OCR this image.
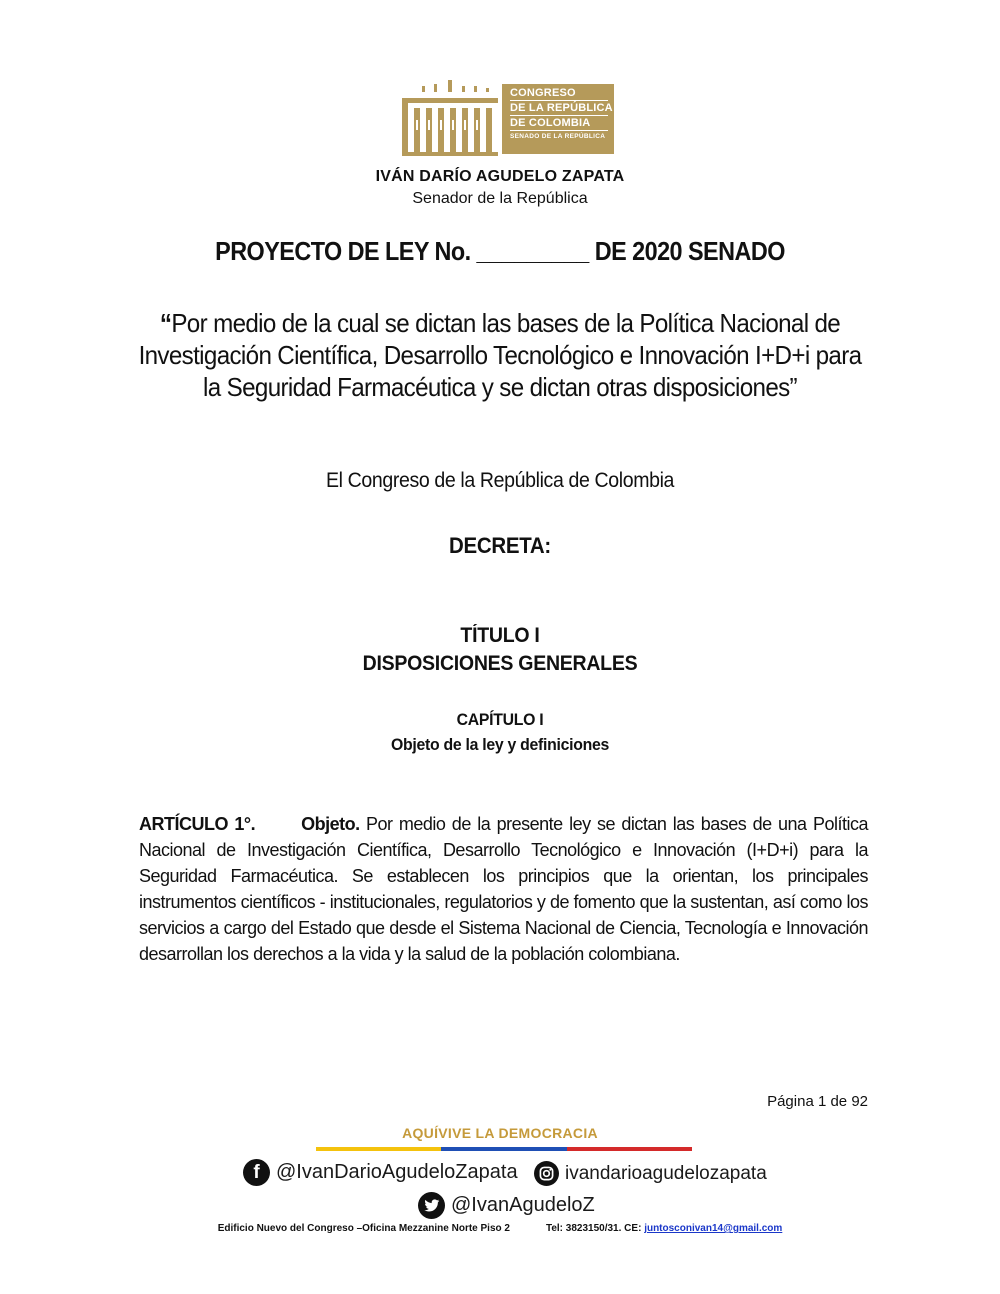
CONGRESO
DE LA REPÚBLICA
DE COLOMBIA
SENADO DE LA REPÚBLICA
IVÁN DARÍO AGUDELO ZAPATA
Senador de la República
PROYECTO DE LEY No. _________ DE 2020 SENADO
“Por medio de la cual se dictan las bases de la Política Nacional de Investigación Científica, Desarrollo Tecnológico e Innovación I+D+i para la Seguridad Farmacéutica y se dictan otras disposiciones”
El Congreso de la República de Colombia
DECRETA:
TÍTULO I
DISPOSICIONES GENERALES
CAPÍTULO I
Objeto de la ley y definiciones
ARTÍCULO 1°.	Objeto. Por medio de la presente ley se dictan las bases de una Política Nacional de Investigación Científica, Desarrollo Tecnológico e Innovación (I+D+i) para la Seguridad Farmacéutica. Se establecen los principios que la orientan, los principales instrumentos científicos - institucionales, regulatorios y de fomento que la sustentan, así como los servicios a cargo del Estado que desde el Sistema Nacional de Ciencia, Tecnología e Innovación desarrollan los derechos a la vida y la salud de la población colombiana.
Página 1 de 92
AQUÍVIVE LA DEMOCRACIA
f @IvanDarioAgudeloZapata ivandarioagudelozapata
@IvanAgudeloZ
Edificio Nuevo del Congreso –Oficina Mezzanine Norte Piso 2	Tel: 3823150/31. CE: juntosconivan14@gmail.com
